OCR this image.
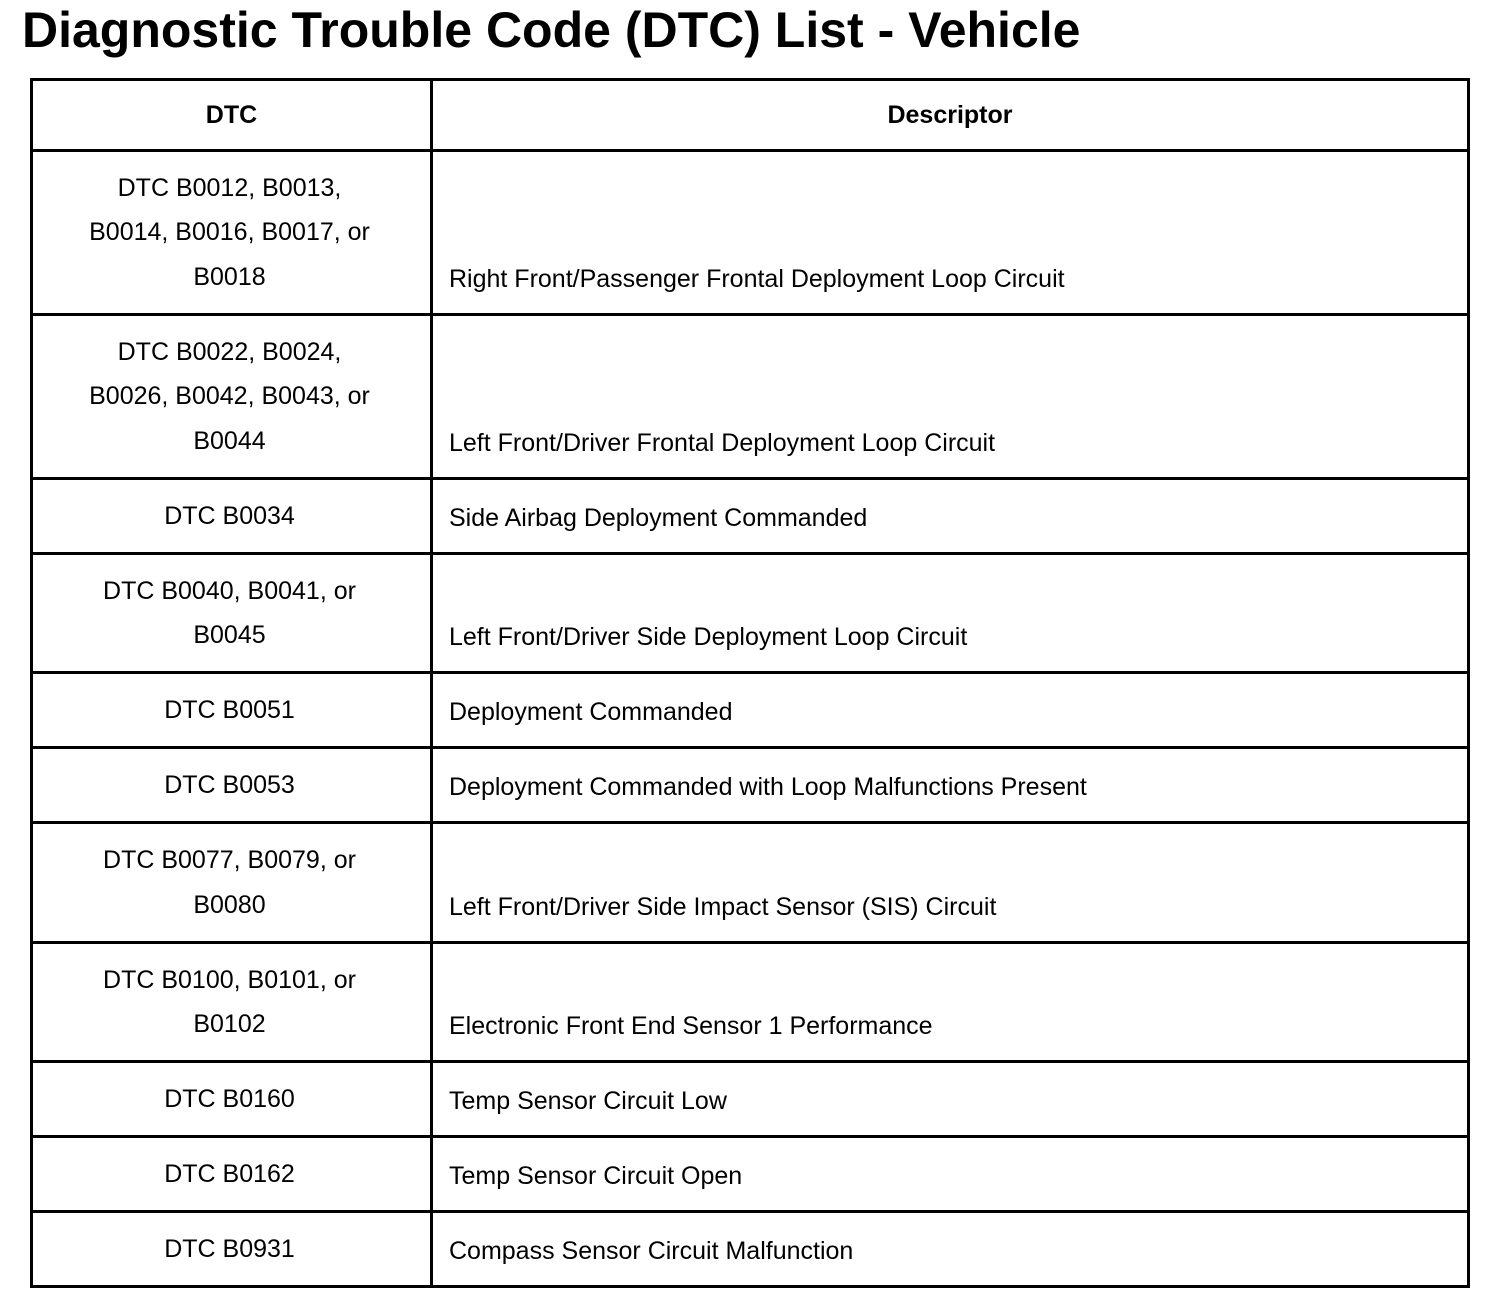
Diagnostic Trouble Code (DTC) List - Vehicle
DTC	Descriptor
DTC B0012, B0013,
B0014, B0016, B0017, or
B0018	Right Front/Passenger Frontal Deployment Loop Circuit
DTC B0022, B0024,
B0026, B0042, B0043, or
B0044	Left Front/Driver Frontal Deployment Loop Circuit
DTC B0034	Side Airbag Deployment Commanded
DTC B0040, B0041, or
B0045	Left Front/Driver Side Deployment Loop Circuit
DTC B0051	Deployment Commanded
DTC B0053	Deployment Commanded with Loop Malfunctions Present
DTC B0077, B0079, or
B0080	Left Front/Driver Side Impact Sensor (SIS) Circuit
DTC B0100, B0101, or
B0102	Electronic Front End Sensor 1 Performance
DTC B0160	Temp Sensor Circuit Low
DTC B0162	Temp Sensor Circuit Open
DTC B0931	Compass Sensor Circuit Malfunction
